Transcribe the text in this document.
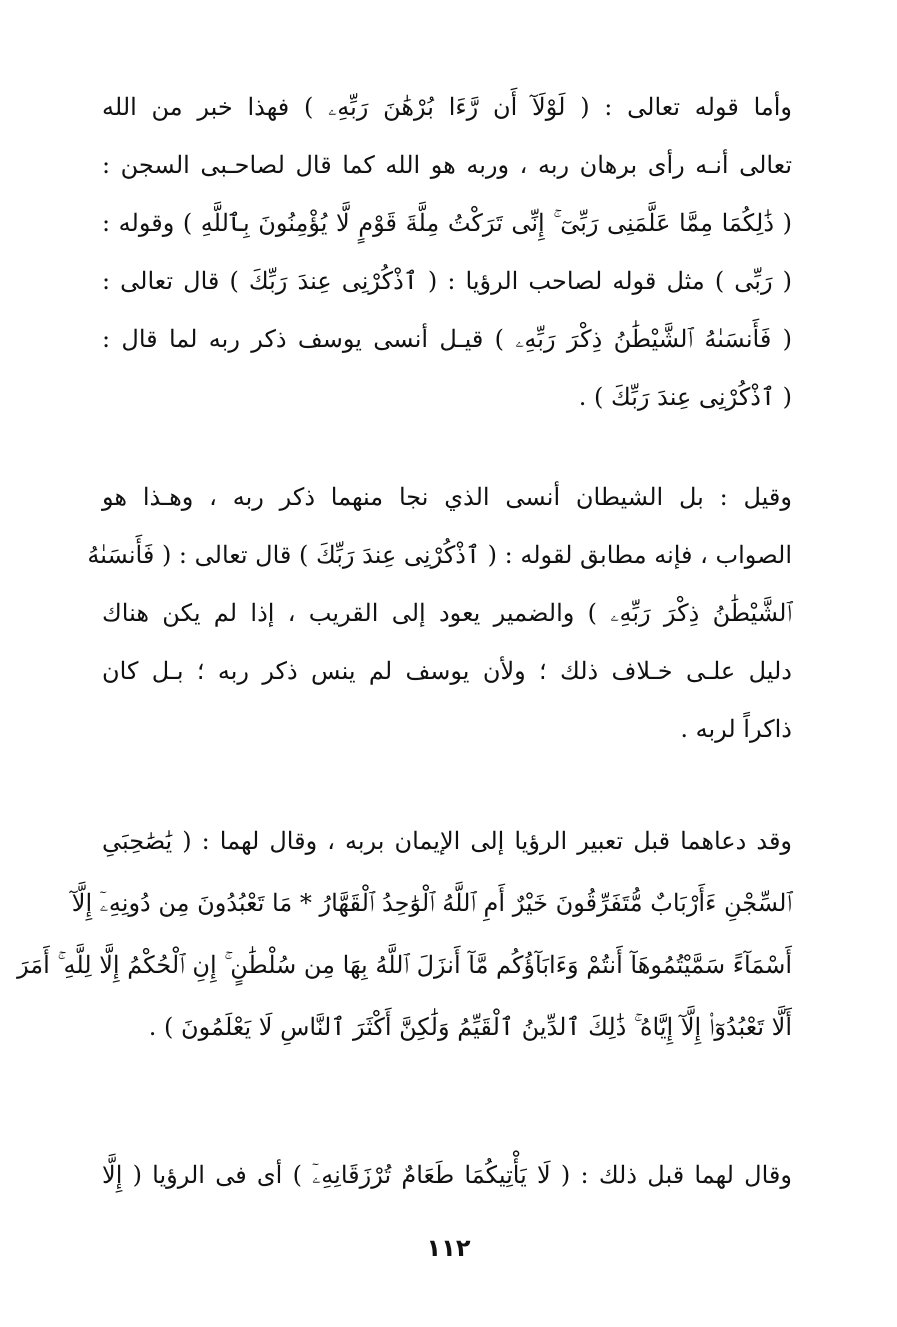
وأما قوله تعالى : ( لَوْلَآ أَن رَّءَا بُرْهَٰنَ رَبِّهِۦ ) فهذا خبر من الله
تعالى أنـه رأى برهان ربه ، وربه هو الله كما قال لصاحـبى السجن :
( ذَٰلِكُمَا مِمَّا عَلَّمَنِى رَبِّىٓ ۚ إِنِّى تَرَكْتُ مِلَّةَ قَوْمٍ لَّا يُؤْمِنُونَ بِٱللَّهِ ) وقوله :
( رَبِّى ) مثل قوله لصاحب الرؤيا : ( ٱذْكُرْنِى عِندَ رَبِّكَ ) قال تعالى :
( فَأَنسَىٰهُ ٱلشَّيْطَٰنُ ذِكْرَ رَبِّهِۦ ) قيـل أنسى يوسف ذكر ربه لما قال :
( ٱذْكُرْنِى عِندَ رَبِّكَ ) .
وقيل : بل الشيطان أنسى الذي نجا منهما ذكر ربه ، وهـذا هو
الصواب ، فإنه مطابق لقوله : ( ٱذْكُرْنِى عِندَ رَبِّكَ ) قال تعالى : ( فَأَنسَىٰهُ
ٱلشَّيْطَٰنُ ذِكْرَ رَبِّهِۦ ) والضمير يعود إلى القريب ، إذا لم يكن هناك
دليل علـى خـلاف ذلك ؛ ولأن يوسف لم ينس ذكر ربه ؛ بـل كان
ذاكراً لربه .
وقد دعاهما قبل تعبير الرؤيا إلى الإيمان بربه ، وقال لهما : ( يَٰصَٰحِبَىِ
ٱلسِّجْنِ ءَأَرْبَابٌ مُّتَفَرِّقُونَ خَيْرٌ أَمِ ٱللَّهُ ٱلْوَٰحِدُ ٱلْقَهَّارُ * مَا تَعْبُدُونَ مِن دُونِهِۦٓ إِلَّآ
أَسْمَآءً سَمَّيْتُمُوهَآ أَنتُمْ وَءَابَآؤُكُم مَّآ أَنزَلَ ٱللَّهُ بِهَا مِن سُلْطَٰنٍ ۚ إِنِ ٱلْحُكْمُ إِلَّا لِلَّهِ ۚ أَمَرَ
أَلَّا تَعْبُدُوٓا۟ إِلَّآ إِيَّاهُ ۚ ذَٰلِكَ ٱلدِّينُ ٱلْقَيِّمُ وَلَٰكِنَّ أَكْثَرَ ٱلنَّاسِ لَا يَعْلَمُونَ ) .
وقال لهما قبل ذلك : ( لَا يَأْتِيكُمَا طَعَامٌ تُرْزَقَانِهِۦٓ ) أى فى الرؤيا ( إِلَّا
١١٢
